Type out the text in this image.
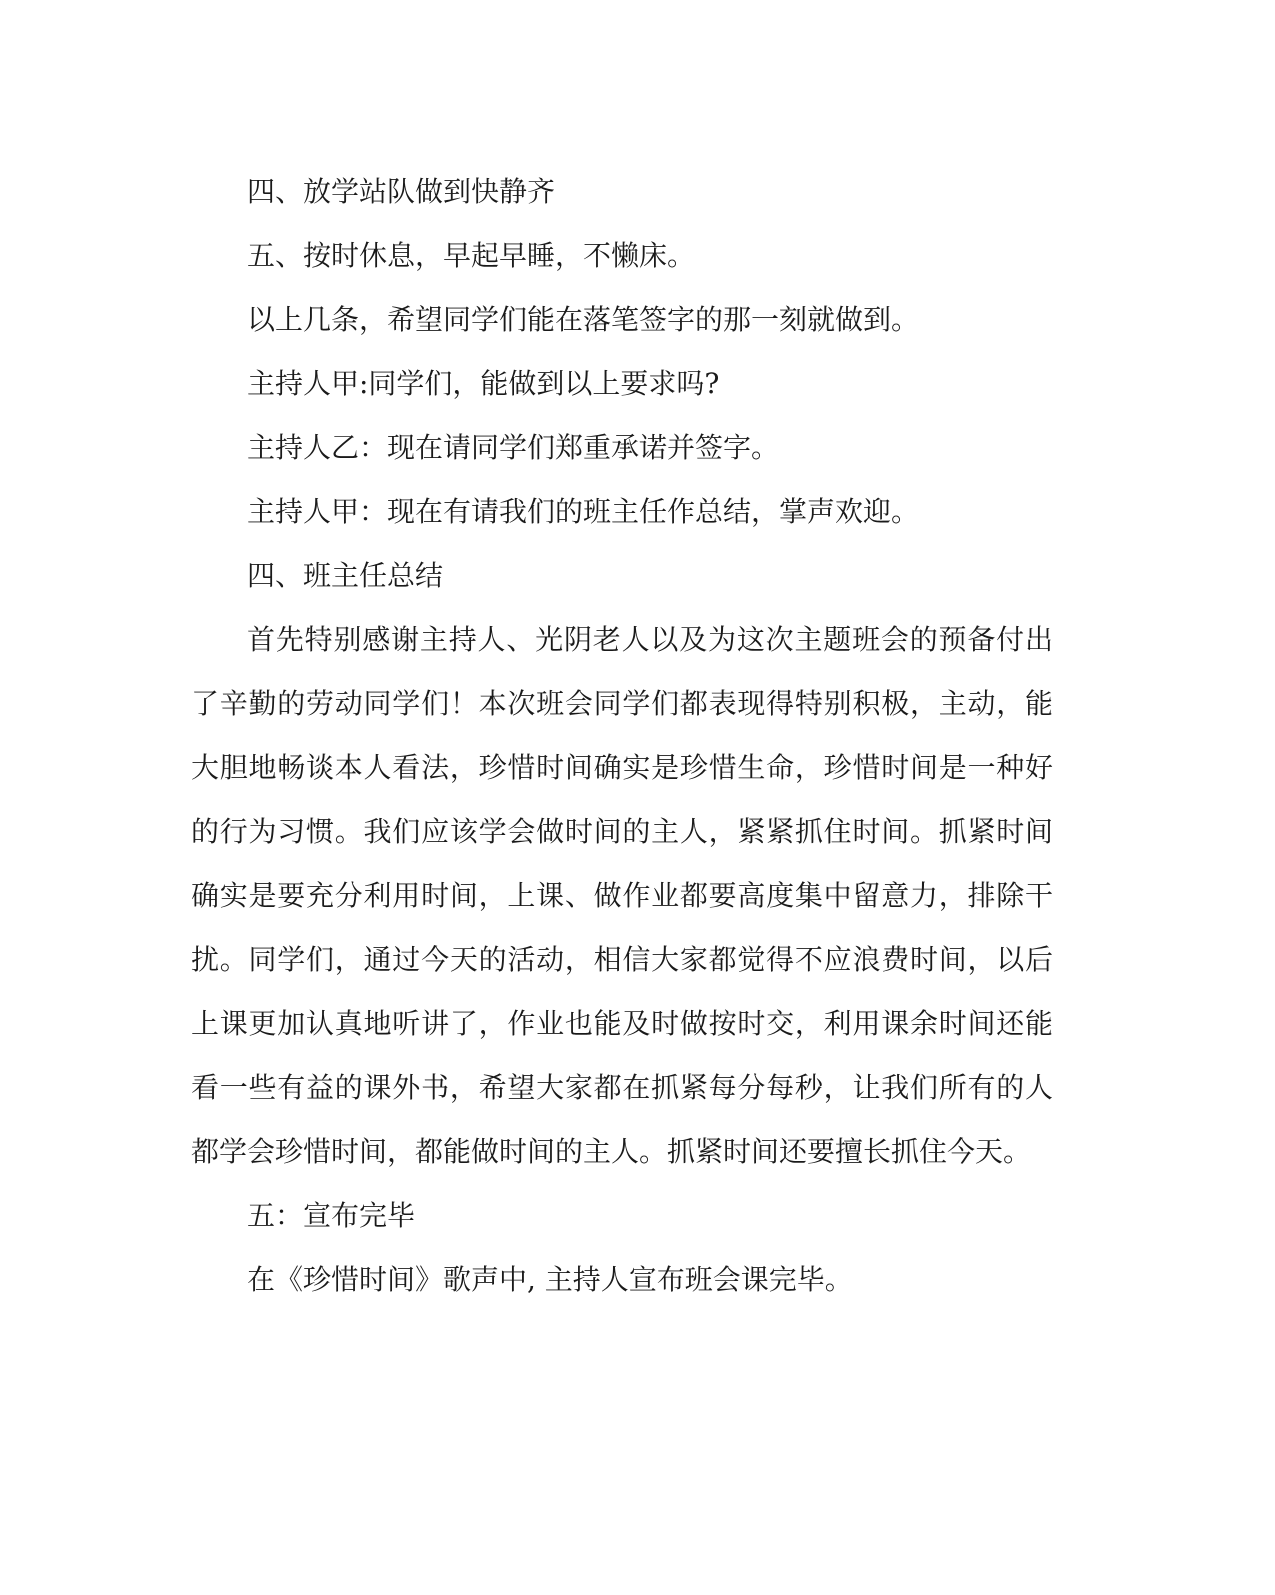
四、放学站队做到快静齐

五、按时休息，早起早睡，不懒床。

以上几条，希望同学们能在落笔签字的那一刻就做到。

主持人甲:同学们，能做到以上要求吗?

主持人乙：现在请同学们郑重承诺并签字。

主持人甲：现在有请我们的班主任作总结，掌声欢迎。

四、班主任总结

首先特别感谢主持人、光阴老人以及为这次主题班会的预备付出了辛勤的劳动同学们！本次班会同学们都表现得特别积极，主动，能大胆地畅谈本人看法，珍惜时间确实是珍惜生命，珍惜时间是一种好的行为习惯。我们应该学会做时间的主人，紧紧抓住时间。抓紧时间确实是要充分利用时间，上课、做作业都要高度集中留意力，排除干扰。同学们，通过今天的活动，相信大家都觉得不应浪费时间，以后上课更加认真地听讲了，作业也能及时做按时交，利用课余时间还能看一些有益的课外书，希望大家都在抓紧每分每秒，让我们所有的人都学会珍惜时间，都能做时间的主人。抓紧时间还要擅长抓住今天。

五：宣布完毕

在《珍惜时间》歌声中, 主持人宣布班会课完毕。
